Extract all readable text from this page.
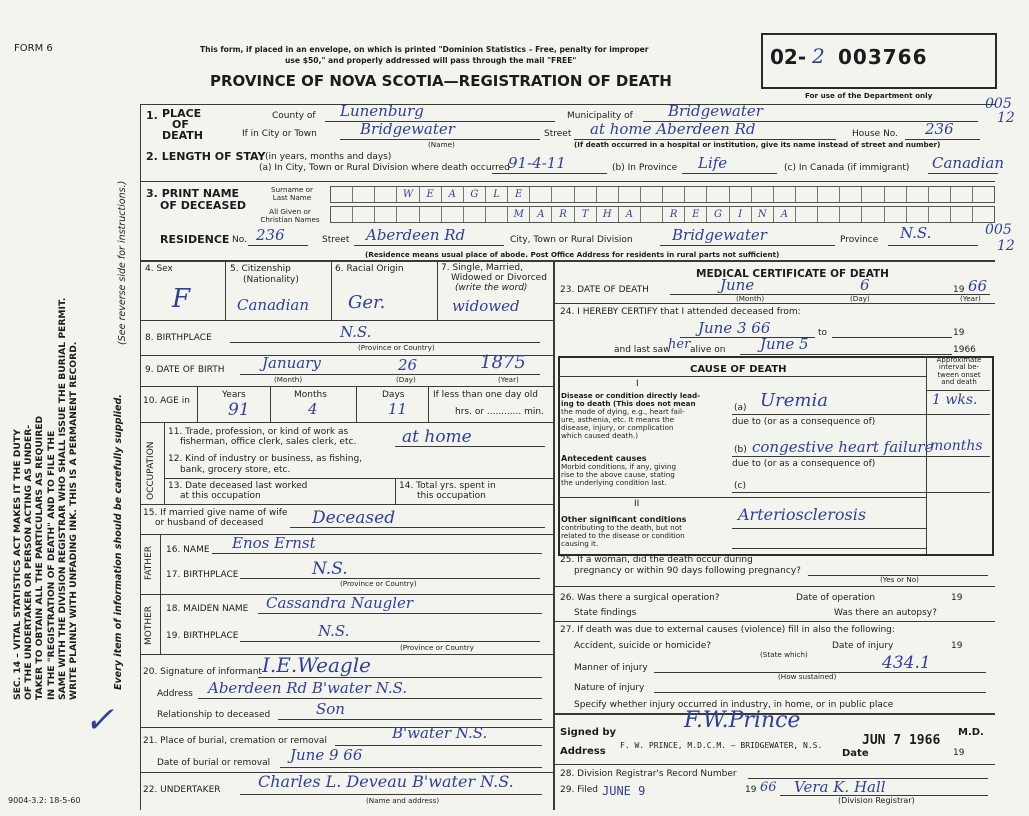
FORM 6	This form, if placed in an envelope, on which is printed "Dominion Statistics – Free, penalty for improper
use $50," and properly addressed will pass through the mail "FREE"
PROVINCE OF NOVA SCOTIA—REGISTRATION OF DEATH
02- 2 003766
For use of the Department only
005
12
SEC. 14 – VITAL STATISTICS ACT MAKES IT THE DUTY OF THE UNDERTAKER OR PERSON ACTING AS UNDER- TAKER TO OBTAIN ALL THE PARTICULARS AS REQUIRED IN THE "REGISTRATION OF DEATH" AND TO FILE THE SAME WITH THE DIVISION REGISTRAR WHO SHALL ISSUE THE BURIAL PERMIT. WRITE PLAINLY WITH UNFADING INK. THIS IS A PERMANENT RECORD.	Every item of information should be carefully supplied.
(See reverse side for instructions.)
✓
9004-3.2: 18-5-60
1. PLACE
OF
DEATH
County of Lunenburg	Municipality of Bridgewater
If in City or Town	Bridgewater
(Name)
Street at home Aberdeen Rd	House No. 236
(If death occurred in a hospital or institution, give its name instead of street and number)
2. LENGTH OF STAY (in years, months and days)
(a) In City, Town or Rural Division where death occurred
91-4-11	(b) In Province Life	(c) In Canada (if immigrant) Canadian
3. PRINT NAME
OF DECEASED
Surname or
Last Name
All Given or
Christian Names
W	E	A	G	L	E
M	A	R	T	H	A	R	E	G	I	N	A
RESIDENCE No. 236	Street Aberdeen Rd	City, Town or Rural Division	Bridgewater	Province N.S.	005
12
(Residence means usual place of abode. Post Office Address for residents in rural parts not sufficient)
4. Sex
F
5. Citizenship
(Nationality)
Canadian
6. Racial Origin
Ger.
7. Single, Married,
Widowed or Divorced
(write the word)
widowed
8. BIRTHPLACE	N.S.
(Province or Country)
9. DATE OF BIRTH January	26	1875
(Month)	(Day)	(Year)
10. AGE in
Years	Months	Days
91	4	11
If less than one day old
hrs. or ............ min.
OCCUPATION
11. Trade, profession, or kind of work as
fisherman, office clerk, sales clerk, etc.	at home
12. Kind of industry or business, as fishing,
bank, grocery store, etc.
13. Date deceased last worked
at this occupation
14. Total yrs. spent in
this occupation
15. If married give name of wife
or husband of deceased	Deceased
FATHER 16. NAME Enos Ernst
17. BIRTHPLACE	N.S.
(Province or Country)
MOTHER 18. MAIDEN NAME Cassandra Naugler
19. BIRTHPLACE	N.S.
(Province or Country
20. Signature of informant I.E.Weagle
Address Aberdeen Rd B'water N.S.
Relationship to deceased	Son
21. Place of burial, cremation or removal	B'water N.S.
Date of burial or removal June 9 66
22. UNDERTAKER Charles L. Deveau B'water N.S.
(Name and address)
MEDICAL CERTIFICATE OF DEATH
23. DATE OF DEATH	June	6	19 66
(Month)	(Day)	(Year)
24. I HEREBY CERTIFY that I attended deceased from:
June 3 66	to	19
and last saw
her alive on June 5	1966
CAUSE OF DEATH
Approximate
interval be-
tween onset
and death
I
Disease or condition directly lead-
ing to death (This does not mean
the mode of dying, e.g., heart fail-
ure, asthenia, etc. It means the
disease, injury, or complication
which caused death.)
(a) Uremia	1 wks.
due to (or as a consequence of)
Antecedent causes
Morbid conditions, if any, giving
rise to the above cause, stating
the underlying condition last.
(b) congestive heart failure
months
due to (or as a consequence of)
(c)
II
Other significant conditions
contributing to the death, but not
related to the disease or condition
causing it.
Arteriosclerosis
25. If a woman, did the death occur during
pregnancy or within 90 days following pregnancy?
(Yes or No)
26. Was there a surgical operation?	Date of operation	19
State findings	Was there an autopsy?
27. If death was due to external causes (violence) fill in also the following:
Accident, suicide or homicide?	Date of injury	19
(State which)	434.1
Manner of injury
(How sustained)
Nature of injury
Specify whether injury occurred in industry, in home, or in public place
Signed by	F.W.Prince	M.D.
JUN 7 1966
Address
F. W. PRINCE, M.D.C.M. – BRIDGEWATER, N.S.
Date	19
28. Division Registrar's Record Number
29. Filed JUNE 9	19 66 Vera K. Hall
(Division Registrar)
